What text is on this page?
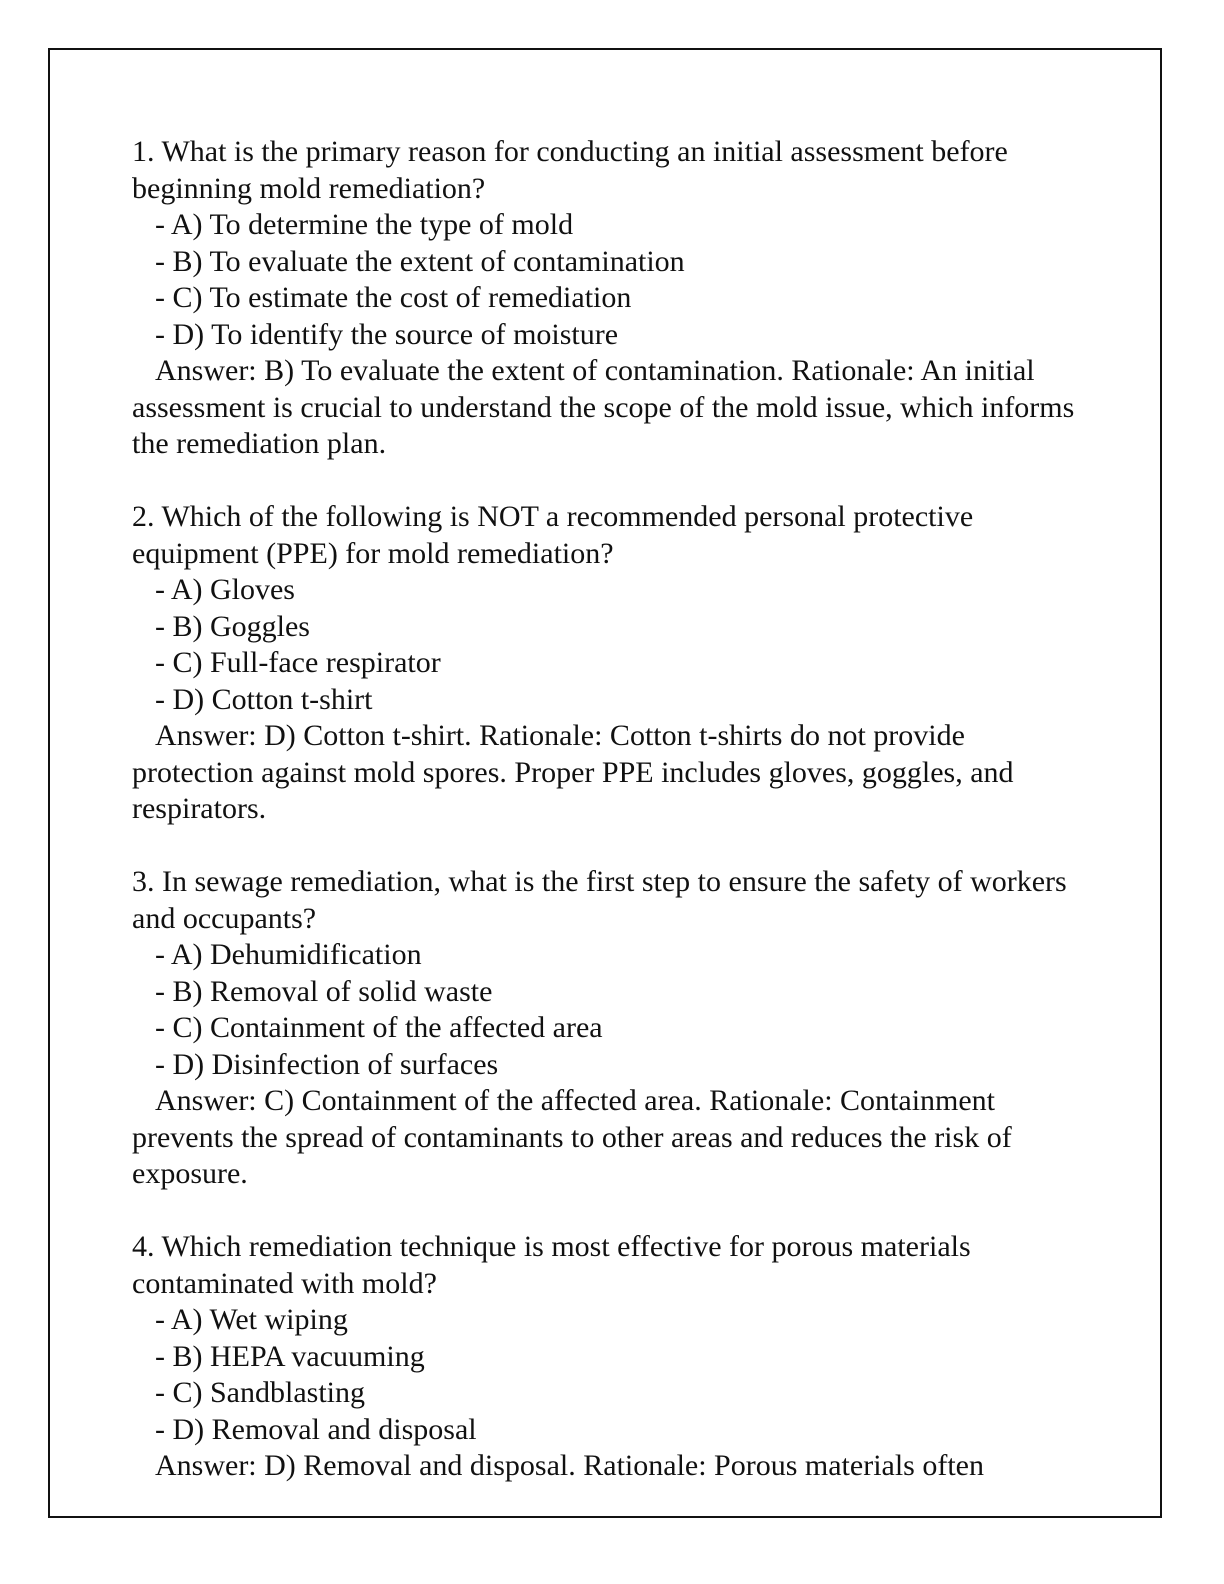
1. What is the primary reason for conducting an initial assessment before beginning mold remediation?
- A) To determine the type of mold
- B) To evaluate the extent of contamination
- C) To estimate the cost of remediation
- D) To identify the source of moisture
Answer: B) To evaluate the extent of contamination. Rationale: An initial assessment is crucial to understand the scope of the mold issue, which informs the remediation plan.
2. Which of the following is NOT a recommended personal protective equipment (PPE) for mold remediation?
- A) Gloves
- B) Goggles
- C) Full-face respirator
- D) Cotton t-shirt
Answer: D) Cotton t-shirt. Rationale: Cotton t-shirts do not provide protection against mold spores. Proper PPE includes gloves, goggles, and respirators.
3. In sewage remediation, what is the first step to ensure the safety of workers and occupants?
- A) Dehumidification
- B) Removal of solid waste
- C) Containment of the affected area
- D) Disinfection of surfaces
Answer: C) Containment of the affected area. Rationale: Containment prevents the spread of contaminants to other areas and reduces the risk of exposure.
4. Which remediation technique is most effective for porous materials contaminated with mold?
- A) Wet wiping
- B) HEPA vacuuming
- C) Sandblasting
- D) Removal and disposal
Answer: D) Removal and disposal. Rationale: Porous materials often
